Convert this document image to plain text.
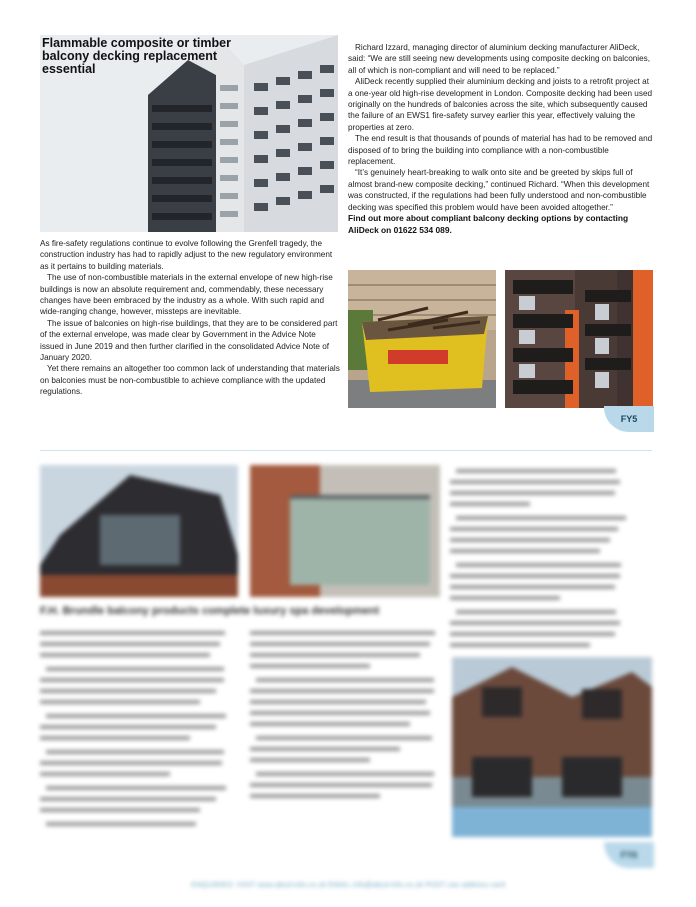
Flammable composite or timber balcony decking replacement essential

As fire-safety regulations continue to evolve following the Grenfell tragedy, the construction industry has had to rapidly adjust to the new regulatory environment as it pertains to building materials.

The use of non-combustible materials in the external envelope of new high-rise buildings is now an absolute requirement and, commendably, these necessary changes have been embraced by the industry as a whole. With such rapid and wide-ranging change, however, missteps are inevitable.

The issue of balconies on high-rise buildings, that they are to be considered part of the external envelope, was made clear by Government in the Advice Note issued in June 2019 and then further clarified in the consolidated Advice Note of January 2020.

Yet there remains an altogether too common lack of understanding that materials on balconies must be non-combustible to achieve compliance with the updated regulations.

Richard Izzard, managing director of aluminium decking manufacturer AliDeck, said: “We are still seeing new developments using composite decking on balconies, all of which is non-compliant and will need to be replaced.”

AliDeck recently supplied their aluminium decking and joists to a retrofit project at a one-year old high-rise development in London. Composite decking had been used originally on the hundreds of balconies across the site, which subsequently caused the failure of an EWS1 fire-safety survey earlier this year, effectively valuing the properties at zero.

The end result is that thousands of pounds of material has had to be removed and disposed of to bring the building into compliance with a non-combustible replacement.

“It’s genuinely heart-breaking to walk onto site and be greeted by skips full of almost brand-new composite decking,” continued Richard. “When this development was constructed, if the regulations had been fully understood and non-combustible decking was specified this problem would have been avoided altogether.”

Find out more about compliant balcony decking options by contacting AliDeck on 01622 534 089.

FY5
F.H. Brundle balcony products complete luxury spa development
FY6
ENQUIRIES: VISIT www.abcd-info.co.uk EMAIL info@abcd-info.co.uk POST use address card
